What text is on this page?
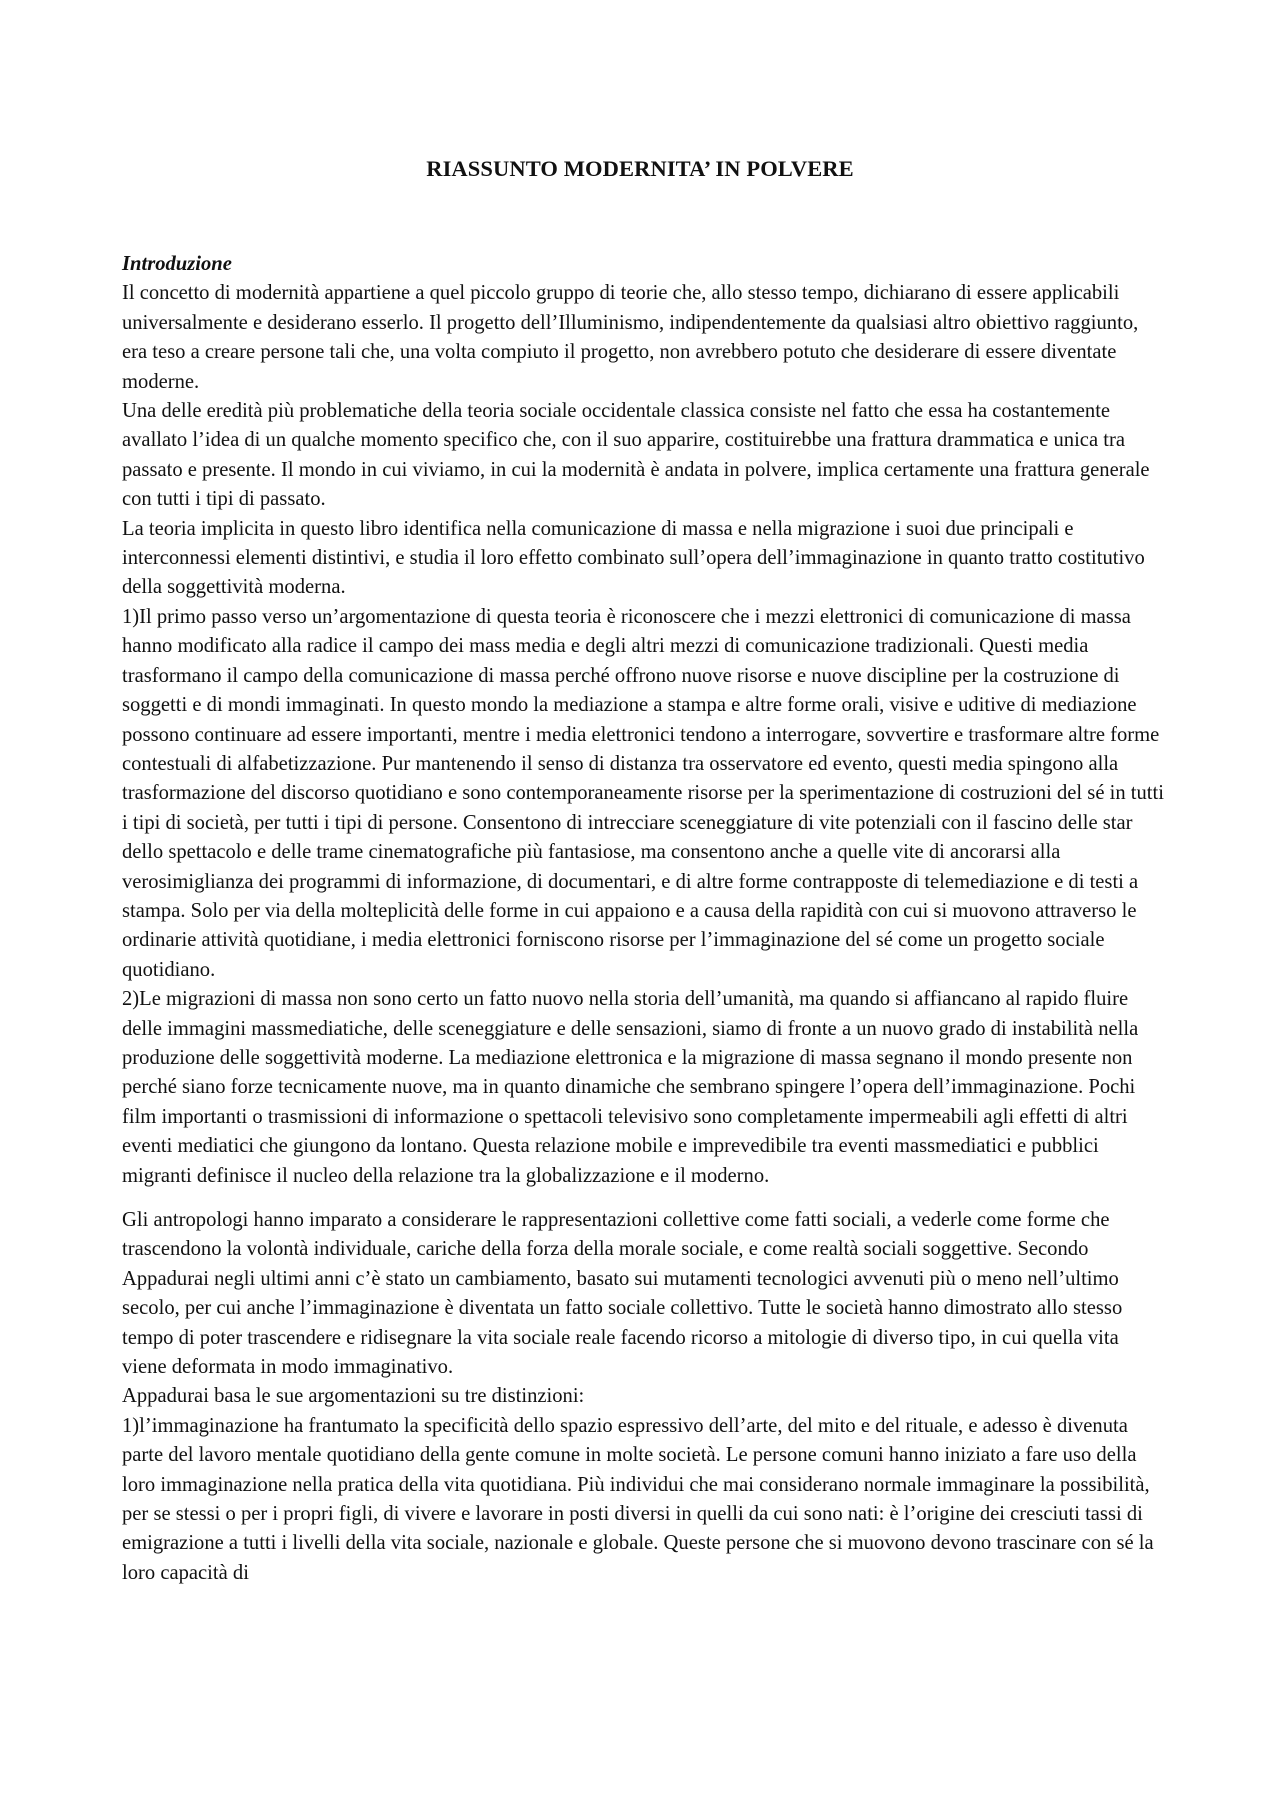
RIASSUNTO MODERNITA’ IN POLVERE

Introduzione

Il concetto di modernità appartiene a quel piccolo gruppo di teorie che, allo stesso tempo, dichiarano di essere applicabili universalmente e desiderano esserlo. Il progetto dell’Illuminismo, indipendentemente da qualsiasi altro obiettivo raggiunto, era teso a creare persone tali che, una volta compiuto il progetto, non avrebbero potuto che desiderare di essere diventate moderne.

Una delle eredità più problematiche della teoria sociale occidentale classica consiste nel fatto che essa ha costantemente avallato l’idea di un qualche momento specifico che, con il suo apparire, costituirebbe una frattura drammatica e unica tra passato e presente. Il mondo in cui viviamo, in cui la modernità è andata in polvere, implica certamente una frattura generale con tutti i tipi di passato.

La teoria implicita in questo libro identifica nella comunicazione di massa e nella migrazione i suoi due principali e interconnessi elementi distintivi, e studia il loro effetto combinato sull’opera dell’immaginazione in quanto tratto costitutivo della soggettività moderna.

1)Il primo passo verso un’argomentazione di questa teoria è riconoscere che i mezzi elettronici di comunicazione di massa hanno modificato alla radice il campo dei mass media e degli altri mezzi di comunicazione tradizionali. Questi media trasformano il campo della comunicazione di massa perché offrono nuove risorse e nuove discipline per la costruzione di soggetti e di mondi immaginati. In questo mondo la mediazione a stampa e altre forme orali, visive e uditive di mediazione possono continuare ad essere importanti, mentre i media elettronici tendono a interrogare, sovvertire e trasformare altre forme contestuali di alfabetizzazione. Pur mantenendo il senso di distanza tra osservatore ed evento, questi media spingono alla trasformazione del discorso quotidiano e sono contemporaneamente risorse per la sperimentazione di costruzioni del sé in tutti i tipi di società, per tutti i tipi di persone. Consentono di intrecciare sceneggiature di vite potenziali con il fascino delle star dello spettacolo e delle trame cinematografiche più fantasiose, ma consentono anche a quelle vite di ancorarsi alla verosimiglianza dei programmi di informazione, di documentari, e di altre forme contrapposte di telemediazione e di testi a stampa. Solo per via della molteplicità delle forme in cui appaiono e a causa della rapidità con cui si muovono attraverso le ordinarie attività quotidiane, i media elettronici forniscono risorse per l’immaginazione del sé come un progetto sociale quotidiano.

2)Le migrazioni di massa non sono certo un fatto nuovo nella storia dell’umanità, ma quando si affiancano al rapido fluire delle immagini massmediatiche, delle sceneggiature e delle sensazioni, siamo di fronte a un nuovo grado di instabilità nella produzione delle soggettività moderne. La mediazione elettronica e la migrazione di massa segnano il mondo presente non perché siano forze tecnicamente nuove, ma in quanto dinamiche che sembrano spingere l’opera dell’immaginazione. Pochi film importanti o trasmissioni di informazione o spettacoli televisivo sono completamente impermeabili agli effetti di altri eventi mediatici che giungono da lontano. Questa relazione mobile e imprevedibile tra eventi massmediatici e pubblici migranti definisce il nucleo della relazione tra la globalizzazione e il moderno.

Gli antropologi hanno imparato a considerare le rappresentazioni collettive come fatti sociali, a vederle come forme che trascendono la volontà individuale, cariche della forza della morale sociale, e come realtà sociali soggettive. Secondo Appadurai negli ultimi anni c’è stato un cambiamento, basato sui mutamenti tecnologici avvenuti più o meno nell’ultimo secolo, per cui anche l’immaginazione è diventata un fatto sociale collettivo. Tutte le società hanno dimostrato allo stesso tempo di poter trascendere e ridisegnare la vita sociale reale facendo ricorso a mitologie di diverso tipo, in cui quella vita viene deformata in modo immaginativo.

Appadurai basa le sue argomentazioni su tre distinzioni:

1)l’immaginazione ha frantumato la specificità dello spazio espressivo dell’arte, del mito e del rituale, e adesso è divenuta parte del lavoro mentale quotidiano della gente comune in molte società. Le persone comuni hanno iniziato a fare uso della loro immaginazione nella pratica della vita quotidiana. Più individui che mai considerano normale immaginare la possibilità, per se stessi o per i propri figli, di vivere e lavorare in posti diversi in quelli da cui sono nati: è l’origine dei cresciuti tassi di emigrazione a tutti i livelli della vita sociale, nazionale e globale. Queste persone che si muovono devono trascinare con sé la loro capacità di
